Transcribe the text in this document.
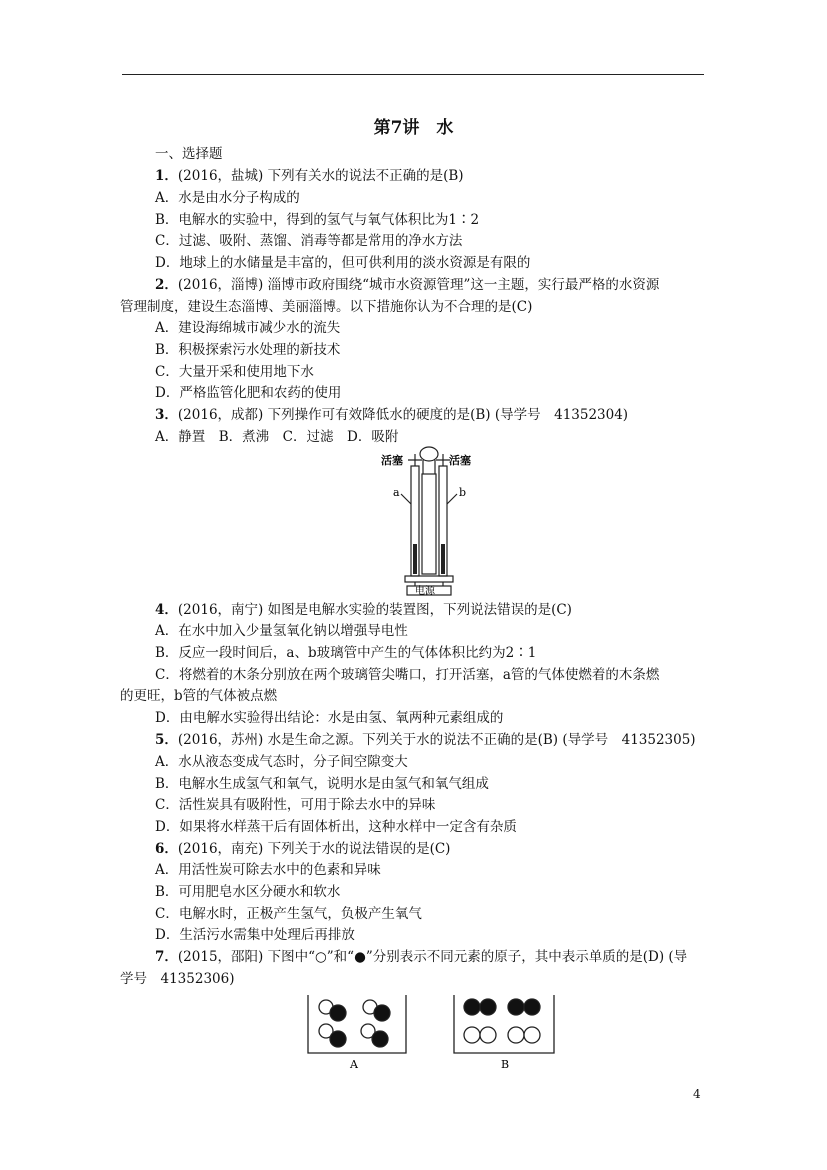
第7讲　水
一、选择题
1．(2016，盐城) 下列有关水的说法不正确的是(B)
A．水是由水分子构成的
B．电解水的实验中，得到的氢气与氧气体积比为1∶2
C．过滤、吸附、蒸馏、消毒等都是常用的净水方法
D．地球上的水储量是丰富的，但可供利用的淡水资源是有限的
2．(2016，淄博) 淄博市政府围绕“城市水资源管理”这一主题，实行最严格的水资源
管理制度，建设生态淄博、美丽淄博。以下措施你认为不合理的是(C)
A．建设海绵城市减少水的流失
B．积极探索污水处理的新技术
C．大量开采和使用地下水
D．严格监管化肥和农药的使用
3．(2016，成都) 下列操作可有效降低水的硬度的是(B) (导学号　41352304)
A．静置　B．煮沸　C．过滤　D．吸附
活塞	活塞
a	b
电源
4．(2016，南宁) 如图是电解水实验的装置图，下列说法错误的是(C)
A．在水中加入少量氢氧化钠以增强导电性
B．反应一段时间后，a、b玻璃管中产生的气体体积比约为2∶1
C．将燃着的木条分别放在两个玻璃管尖嘴口，打开活塞，a管的气体使燃着的木条燃
的更旺，b管的气体被点燃
D．由电解水实验得出结论：水是由氢、氧两种元素组成的
5．(2016，苏州) 水是生命之源。下列关于水的说法不正确的是(B) (导学号　41352305)
A．水从液态变成气态时，分子间空隙变大
B．电解水生成氢气和氧气，说明水是由氢气和氧气组成
C．活性炭具有吸附性，可用于除去水中的异味
D．如果将水样蒸干后有固体析出，这种水样中一定含有杂质
6．(2016，南充) 下列关于水的说法错误的是(C)
A．用活性炭可除去水中的色素和异味
B．可用肥皂水区分硬水和软水
C．电解水时，正极产生氢气，负极产生氧气
D．生活污水需集中处理后再排放
7．(2015，邵阳) 下图中“○”和“●”分别表示不同元素的原子，其中表示单质的是(D) (导
学号　41352306)
A	B
4
